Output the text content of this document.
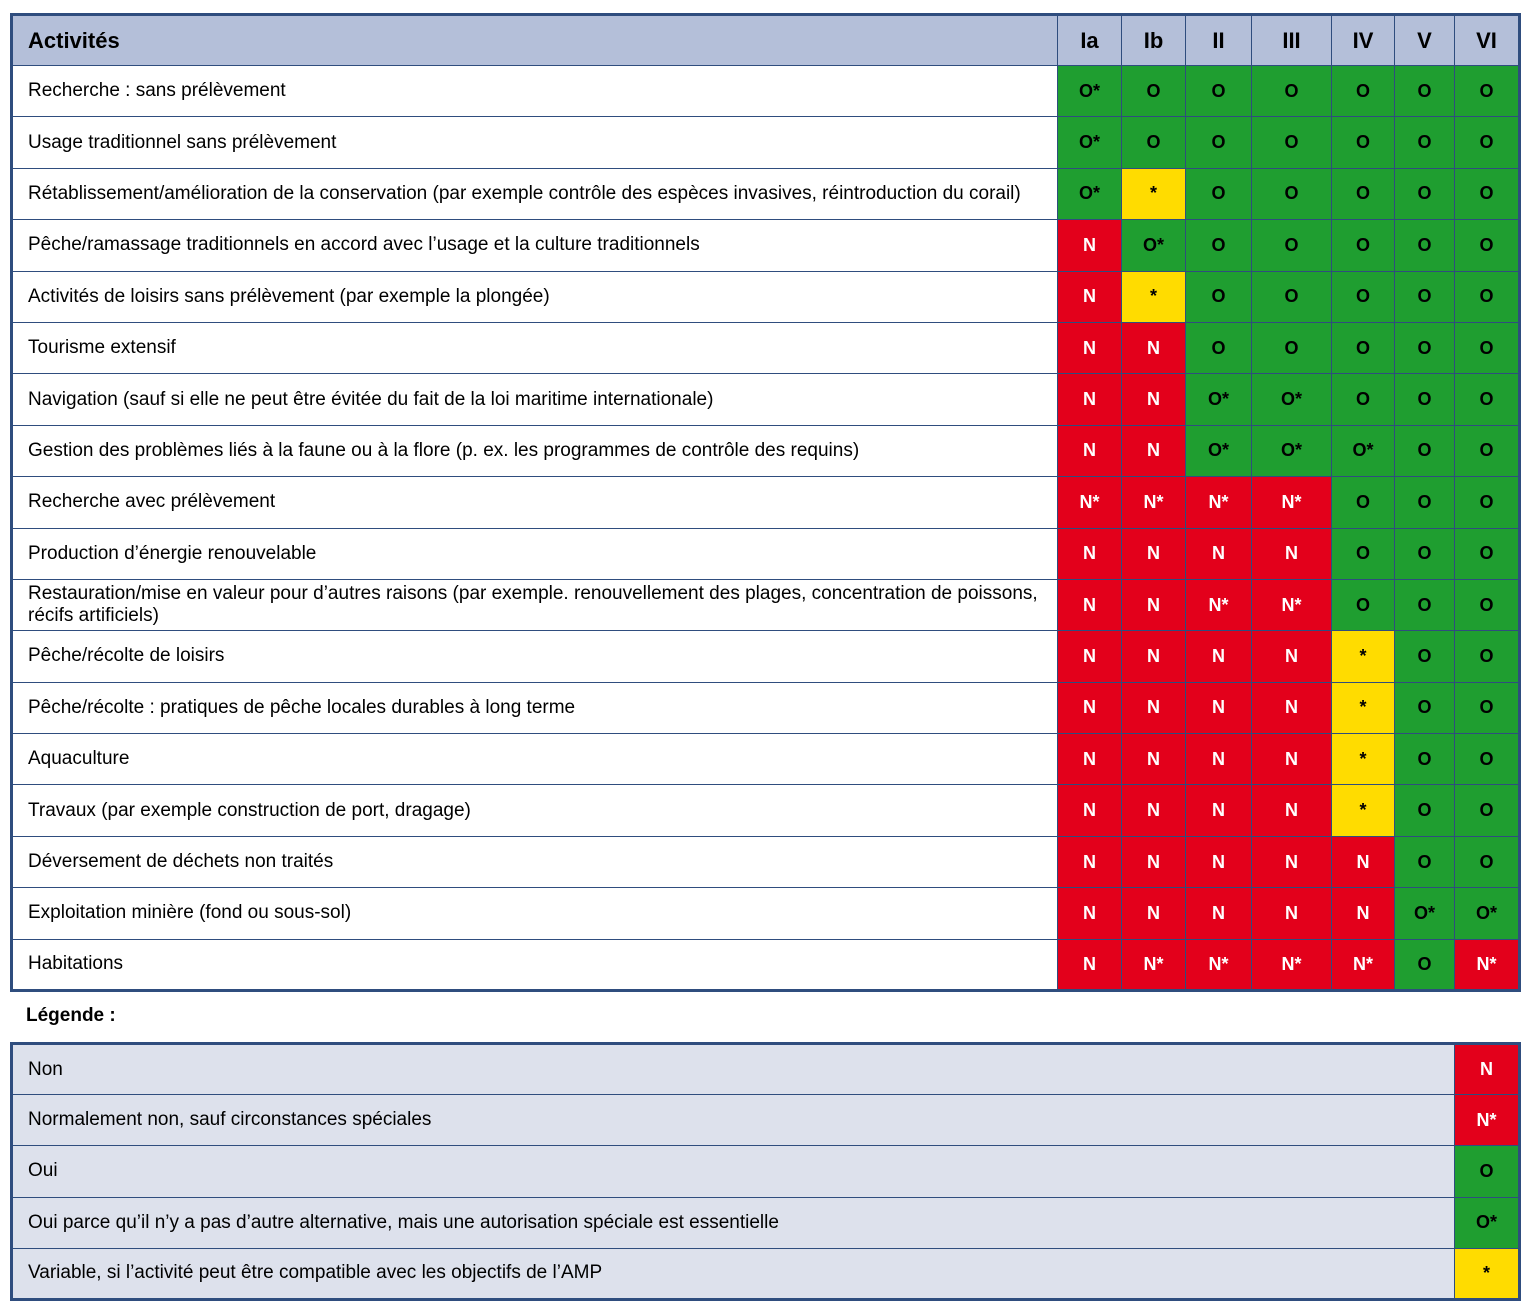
Activités	Ia	Ib	II	III	IV	V	VI
Recherche : sans prélèvement	O*	O	O	O	O	O	O
Usage traditionnel sans prélèvement	O*	O	O	O	O	O	O
Rétablissement/amélioration de la conservation (par exemple contrôle des espèces invasives, réintroduction du corail)	O*	*	O	O	O	O	O
Pêche/ramassage traditionnels en accord avec l’usage et la culture traditionnels	N	O*	O	O	O	O	O
Activités de loisirs sans prélèvement (par exemple la plongée)	N	*	O	O	O	O	O
Tourisme extensif	N	N	O	O	O	O	O
Navigation (sauf si elle ne peut être évitée du fait de la loi maritime internationale)	N	N	O*	O*	O	O	O
Gestion des problèmes liés à la faune ou à la flore (p. ex. les programmes de contrôle des requins)	N	N	O*	O*	O*	O	O
Recherche avec prélèvement	N*	N*	N*	N*	O	O	O
Production d’énergie renouvelable	N	N	N	N	O	O	O
Restauration/mise en valeur pour d’autres raisons (par exemple. renouvellement des plages, concentration de poissons, récifs artificiels)	N	N	N*	N*	O	O	O
Pêche/récolte de loisirs	N	N	N	N	*	O	O
Pêche/récolte : pratiques de pêche locales durables à long terme	N	N	N	N	*	O	O
Aquaculture	N	N	N	N	*	O	O
Travaux (par exemple construction de port, dragage)	N	N	N	N	*	O	O
Déversement de déchets non traités	N	N	N	N	N	O	O
Exploitation minière (fond ou sous-sol)	N	N	N	N	N	O*	O*
Habitations	N	N*	N*	N*	N*	O	N*
Légende :
Non	N
Normalement non, sauf circonstances spéciales	N*
Oui	O
Oui parce qu’il n’y a pas d’autre alternative, mais une autorisation spéciale est essentielle	O*
Variable, si l’activité peut être compatible avec les objectifs de l’AMP	*
